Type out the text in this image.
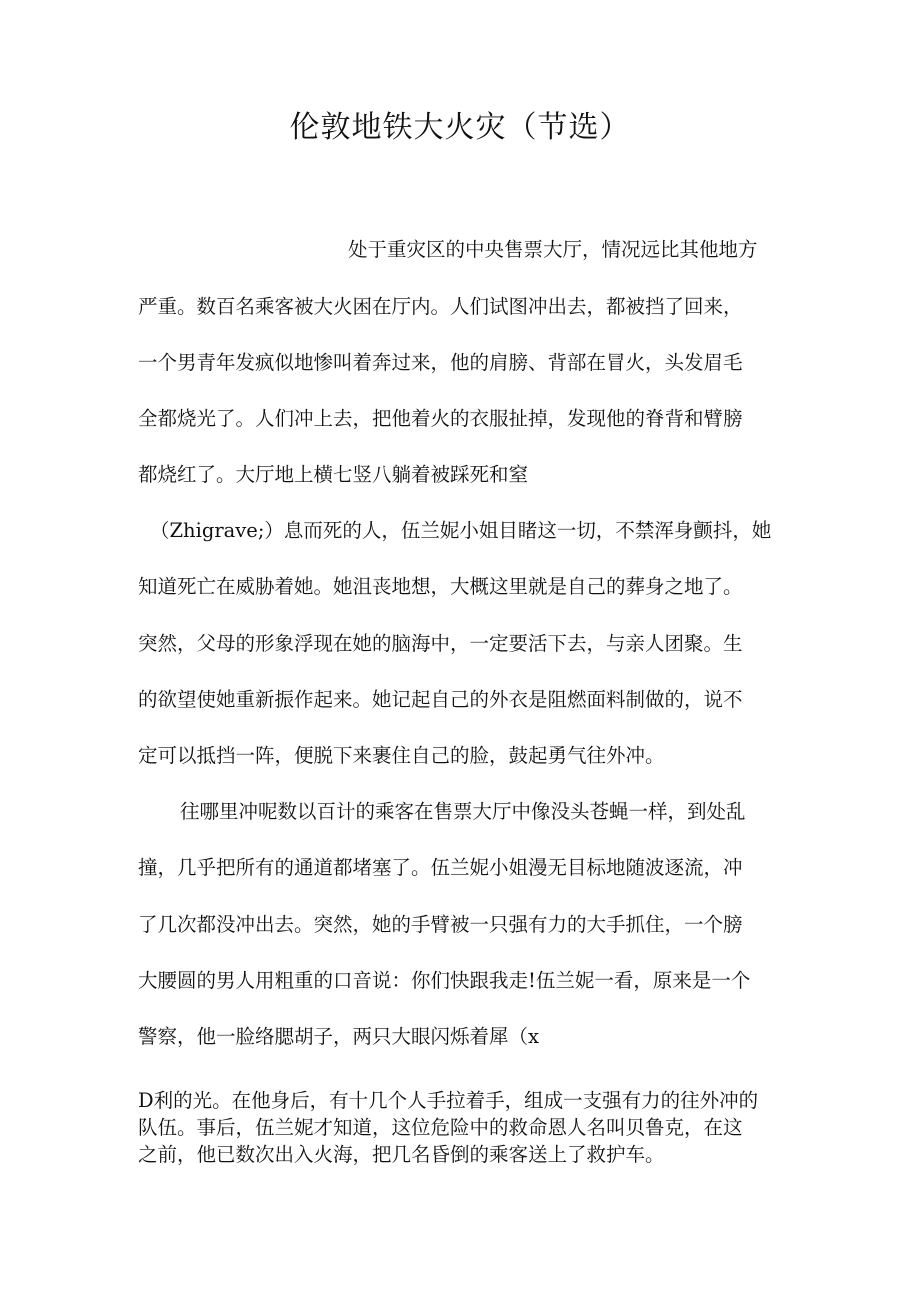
伦敦地铁大火灾（节选）
处于重灾区的中央售票大厅，情况远比其他地方
严重。数百名乘客被大火困在厅内。人们试图冲出去，都被挡了回来，
一个男青年发疯似地惨叫着奔过来，他的肩膀、背部在冒火，头发眉毛
全都烧光了。人们冲上去，把他着火的衣服扯掉，发现他的脊背和臂膀
都烧红了。大厅地上横七竖八躺着被踩死和窒
（Zhigrave;）息而死的人，伍兰妮小姐目睹这一切，不禁浑身颤抖，她
知道死亡在威胁着她。她沮丧地想，大概这里就是自己的葬身之地了。
突然，父母的形象浮现在她的脑海中，一定要活下去，与亲人团聚。生
的欲望使她重新振作起来。她记起自己的外衣是阻燃面料制做的，说不
定可以抵挡一阵，便脱下来裹住自己的脸，鼓起勇气往外冲。
往哪里冲呢数以百计的乘客在售票大厅中像没头苍蝇一样，到处乱
撞，几乎把所有的通道都堵塞了。伍兰妮小姐漫无目标地随波逐流，冲
了几次都没冲出去。突然，她的手臂被一只强有力的大手抓住，一个膀
大腰圆的男人用粗重的口音说：你们快跟我走!伍兰妮一看，原来是一个
警察，他一脸络腮胡子，两只大眼闪烁着犀（x
D利的光。在他身后，有十几个人手拉着手，组成一支强有力的往外冲的
队伍。事后，伍兰妮才知道，这位危险中的救命恩人名叫贝鲁克，在这
之前，他已数次出入火海，把几名昏倒的乘客送上了救护车。
